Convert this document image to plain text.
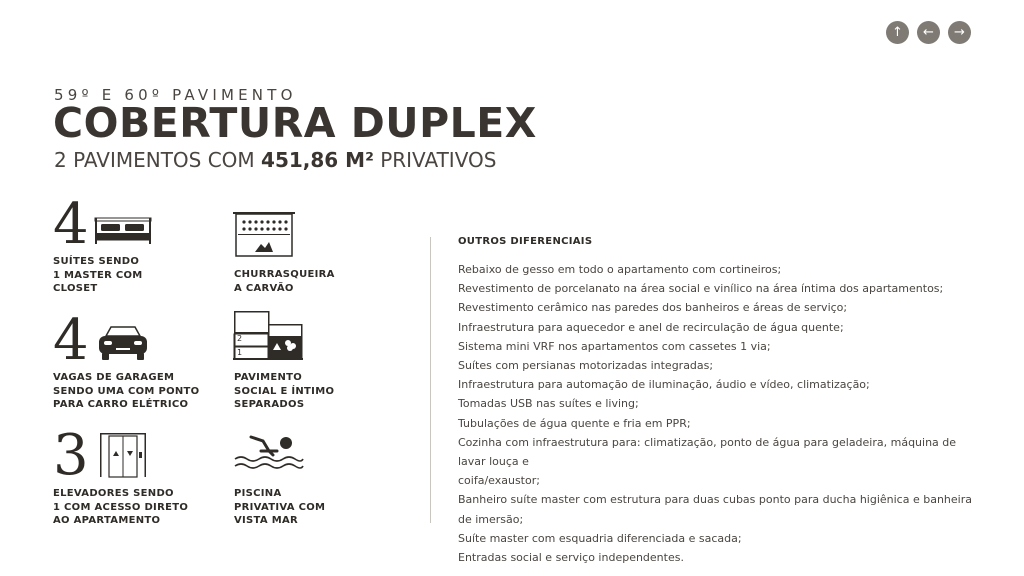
↑	←	→
59º E 60º PAVIMENTO
COBERTURA DUPLEX
2 PAVIMENTOS COM 451,86 M² PRIVATIVOS
4
SUÍTES SENDO
1 MASTER COM
CLOSET
CHURRASQUEIRA
A CARVÃO
4
VAGAS DE GARAGEM
SENDO UMA COM PONTO
PARA CARRO ELÉTRICO
2
1
PAVIMENTO
SOCIAL E ÍNTIMO
SEPARADOS
3
ELEVADORES SENDO
1 COM ACESSO DIRETO
AO APARTAMENTO
PISCINA
PRIVATIVA COM
VISTA MAR
OUTROS DIFERENCIAIS
Rebaixo de gesso em todo o apartamento com cortineiros;
Revestimento de porcelanato na área social e vinílico na área íntima dos apartamentos;
Revestimento cerâmico nas paredes dos banheiros e áreas de serviço;
Infraestrutura para aquecedor e anel de recirculação de água quente;
Sistema mini VRF nos apartamentos com cassetes 1 via;
Suítes com persianas motorizadas integradas;
Infraestrutura para automação de iluminação, áudio e vídeo, climatização;
Tomadas USB nas suítes e living;
Tubulações de água quente e fria em PPR;
Cozinha com infraestrutura para: climatização, ponto de água para geladeira, máquina de lavar louça e
coifa/exaustor;
Banheiro suíte master com estrutura para duas cubas ponto para ducha higiênica e banheira de imersão;
Suíte master com esquadria diferenciada e sacada;
Entradas social e serviço independentes.
